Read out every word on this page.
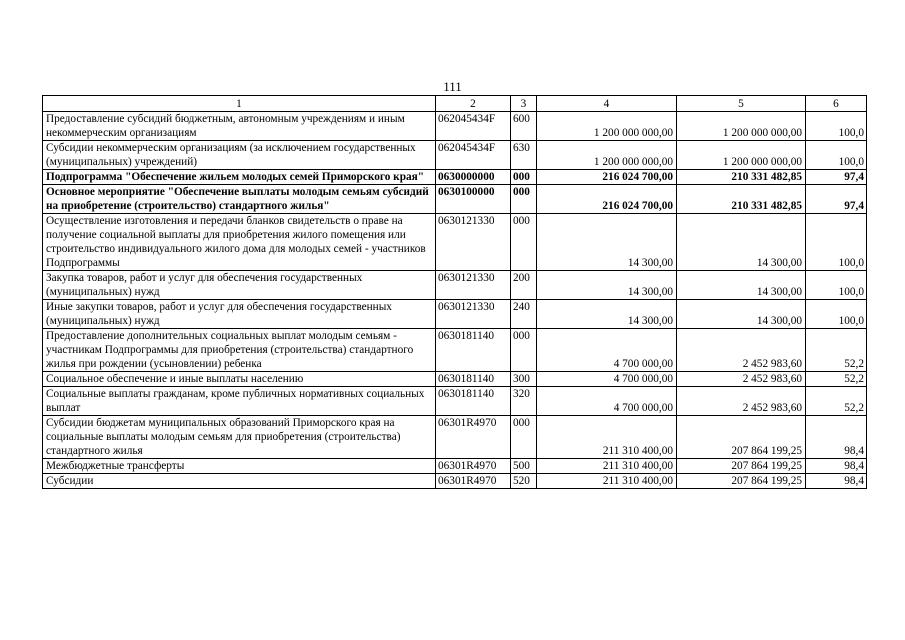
111
1	2	3	4	5	6
Предоставление субсидий бюджетным, автономным учреждениям и иным некоммерческим организациям	062045434F	600	1 200 000 000,00	1 200 000 000,00	100,0
Субсидии некоммерческим организациям (за исключением государственных (муниципальных) учреждений)	062045434F	630	1 200 000 000,00	1 200 000 000,00	100,0
Подпрограмма "Обеспечение жильем молодых семей Приморского края"	0630000000	000	216 024 700,00	210 331 482,85	97,4
Основное мероприятие "Обеспечение выплаты молодым семьям субсидий на приобретение (строительство) стандартного жилья"	0630100000	000	216 024 700,00	210 331 482,85	97,4
Осуществление изготовления и передачи бланков свидетельств о праве на получение социальной выплаты для приобретения жилого помещения или строительство индивидуального жилого дома для молодых семей - участников Подпрограммы	0630121330	000	14 300,00	14 300,00	100,0
Закупка товаров, работ и услуг для обеспечения государственных (муниципальных) нужд	0630121330	200	14 300,00	14 300,00	100,0
Иные закупки товаров, работ и услуг для обеспечения государственных (муниципальных) нужд	0630121330	240	14 300,00	14 300,00	100,0
Предоставление дополнительных социальных выплат молодым семьям - участникам Подпрограммы для приобретения (строительства) стандартного жилья при рождении (усыновлении) ребенка	0630181140	000	4 700 000,00	2 452 983,60	52,2
Социальное обеспечение и иные выплаты населению	0630181140	300	4 700 000,00	2 452 983,60	52,2
Социальные выплаты гражданам, кроме публичных нормативных социальных выплат	0630181140	320	4 700 000,00	2 452 983,60	52,2
Субсидии бюджетам муниципальных образований Приморского края на социальные выплаты молодым семьям для приобретения (строительства) стандартного жилья	06301R4970	000	211 310 400,00	207 864 199,25	98,4
Межбюджетные трансферты	06301R4970	500	211 310 400,00	207 864 199,25	98,4
Субсидии	06301R4970	520	211 310 400,00	207 864 199,25	98,4
